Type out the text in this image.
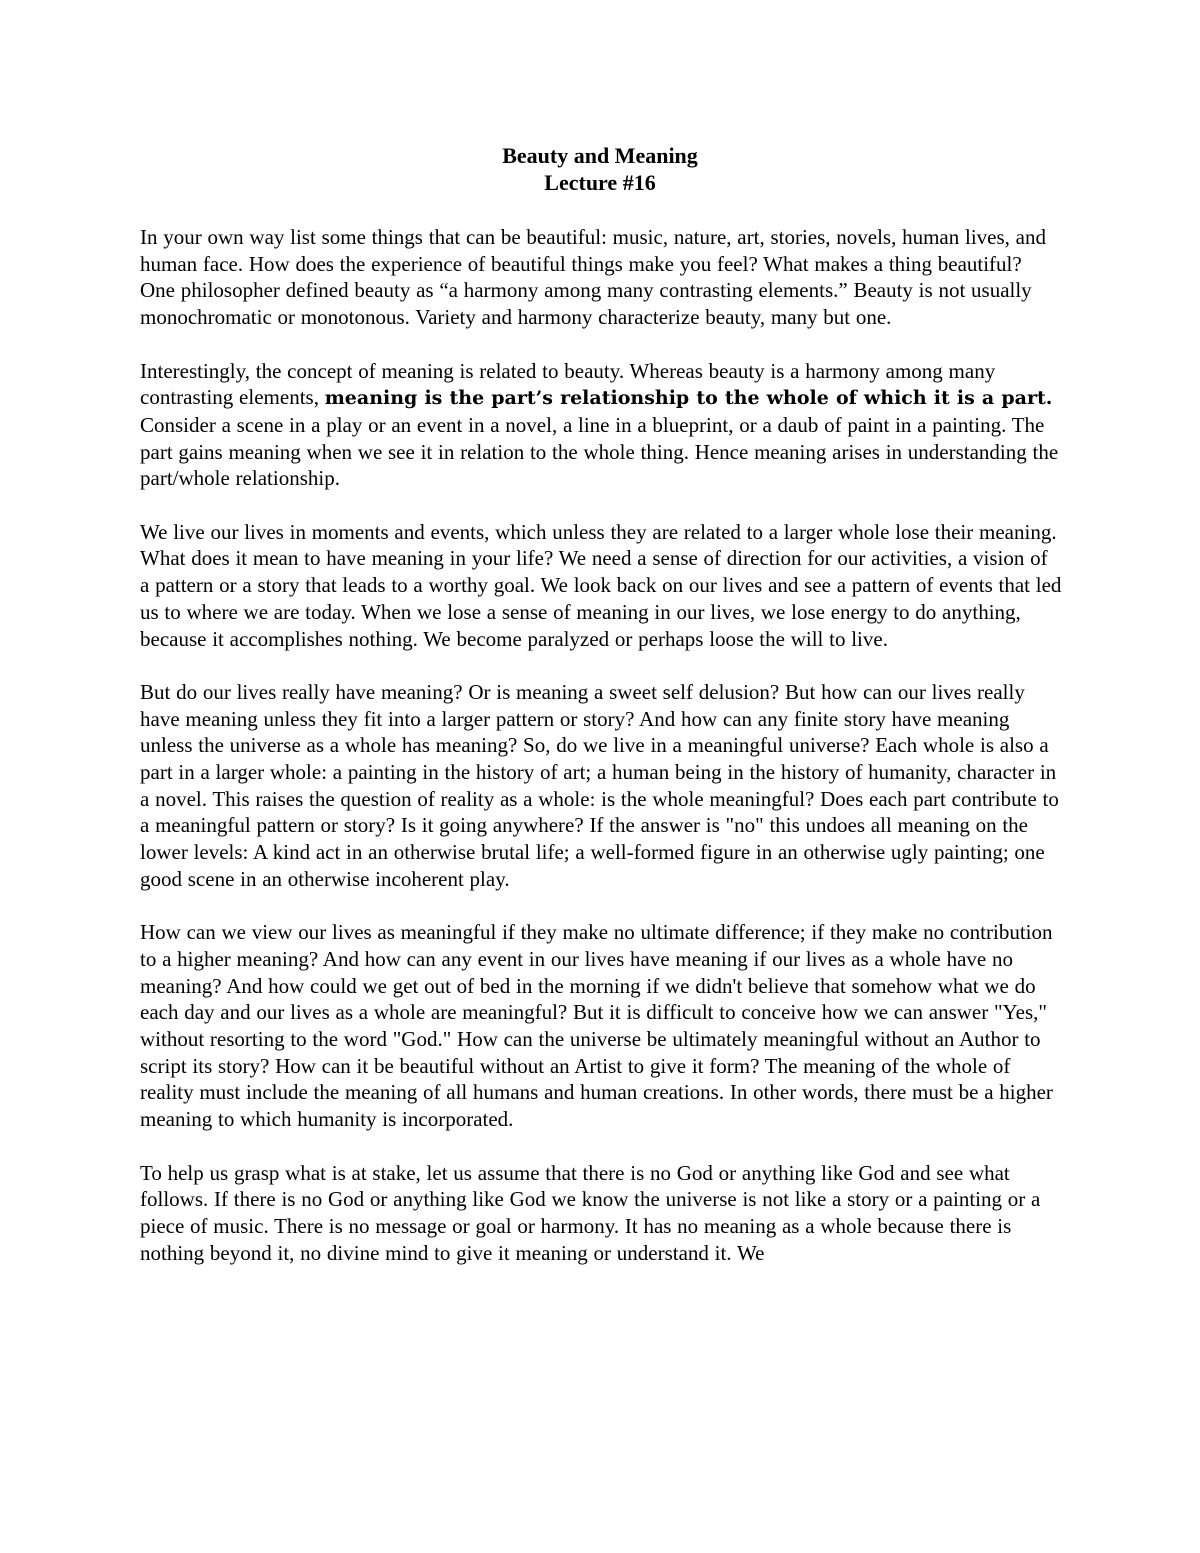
Beauty and Meaning
Lecture #16

In your own way list some things that can be beautiful: music, nature, art, stories, novels, human lives, and human face. How does the experience of beautiful things make you feel? What makes a thing beautiful? One philosopher defined beauty as “a harmony among many contrasting elements.” Beauty is not usually monochromatic or monotonous. Variety and harmony characterize beauty, many but one.

Interestingly, the concept of meaning is related to beauty. Whereas beauty is a harmony among many contrasting elements, meaning is the part’s relationship to the whole of which it is a part. Consider a scene in a play or an event in a novel, a line in a blueprint, or a daub of paint in a painting. The part gains meaning when we see it in relation to the whole thing. Hence meaning arises in understanding the part/whole relationship.

We live our lives in moments and events, which unless they are related to a larger whole lose their meaning. What does it mean to have meaning in your life? We need a sense of direction for our activities, a vision of a pattern or a story that leads to a worthy goal. We look back on our lives and see a pattern of events that led us to where we are today. When we lose a sense of meaning in our lives, we lose energy to do anything, because it accomplishes nothing. We become paralyzed or perhaps loose the will to live.

But do our lives really have meaning? Or is meaning a sweet self delusion? But how can our lives really have meaning unless they fit into a larger pattern or story? And how can any finite story have meaning unless the universe as a whole has meaning? So, do we live in a meaningful universe? Each whole is also a part in a larger whole: a painting in the history of art; a human being in the history of humanity, character in a novel. This raises the question of reality as a whole: is the whole meaningful? Does each part contribute to a meaningful pattern or story? Is it going anywhere? If the answer is "no" this undoes all meaning on the lower levels: A kind act in an otherwise brutal life; a well-formed figure in an otherwise ugly painting; one good scene in an otherwise incoherent play.

How can we view our lives as meaningful if they make no ultimate difference; if they make no contribution to a higher meaning? And how can any event in our lives have meaning if our lives as a whole have no meaning? And how could we get out of bed in the morning if we didn't believe that somehow what we do each day and our lives as a whole are meaningful? But it is difficult to conceive how we can answer "Yes," without resorting to the word "God." How can the universe be ultimately meaningful without an Author to script its story? How can it be beautiful without an Artist to give it form? The meaning of the whole of reality must include the meaning of all humans and human creations. In other words, there must be a higher meaning to which humanity is incorporated.

To help us grasp what is at stake, let us assume that there is no God or anything like God and see what follows. If there is no God or anything like God we know the universe is not like a story or a painting or a piece of music. There is no message or goal or harmony. It has no meaning as a whole because there is nothing beyond it, no divine mind to give it meaning or understand it. We
